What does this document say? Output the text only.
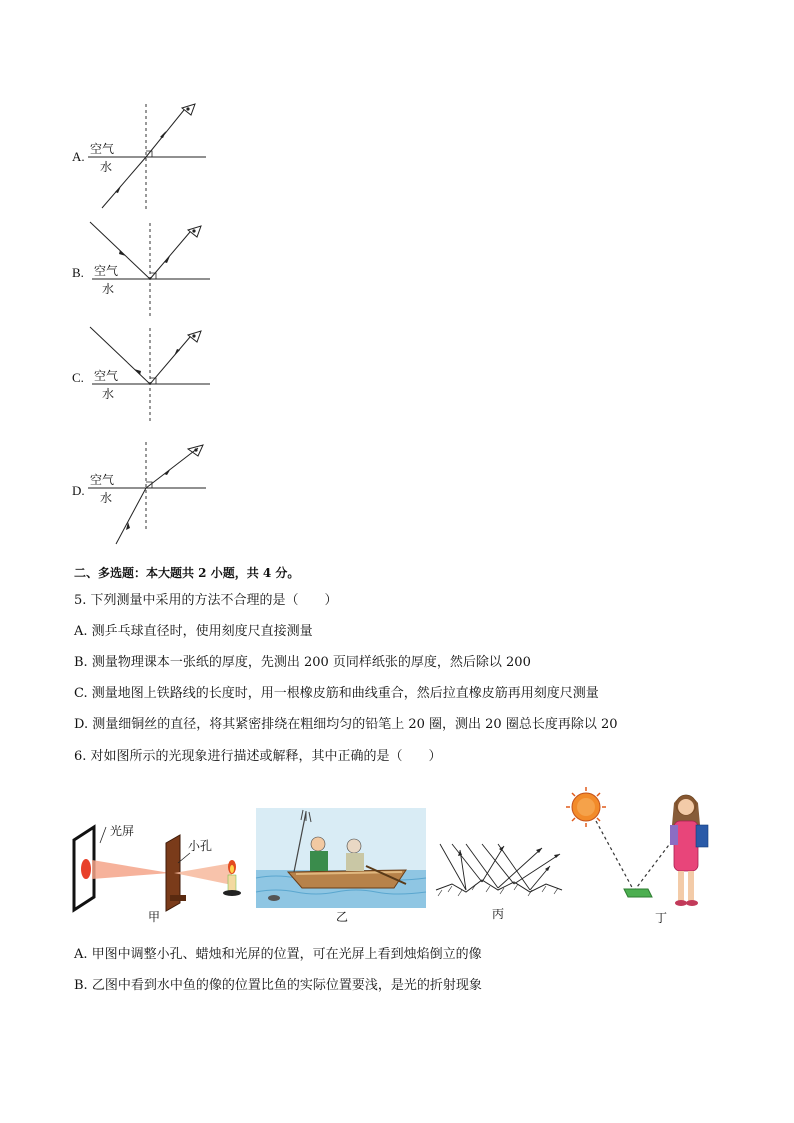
A. 空气
水
B. 空气
水
C. 空气
水
D.
空气
水
二、多选题：本大题共 2 小题，共 4 分。
5. 下列测量中采用的方法不合理的是（　　）
A. 测乒乓球直径时，使用刻度尺直接测量
B. 测量物理课本一张纸的厚度，先测出 200 页同样纸张的厚度，然后除以 200
C. 测量地图上铁路线的长度时，用一根橡皮筋和曲线重合，然后拉直橡皮筋再用刻度尺测量
D. 测量细铜丝的直径，将其紧密排绕在粗细均匀的铅笔上 20 圈，测出 20 圈总长度再除以 20
6. 对如图所示的光现象进行描述或解释，其中正确的是（　　）
光屏
小孔
甲	乙	丙	丁
A. 甲图中调整小孔、蜡烛和光屏的位置，可在光屏上看到烛焰倒立的像
B. 乙图中看到水中鱼的像的位置比鱼的实际位置要浅，是光的折射现象
